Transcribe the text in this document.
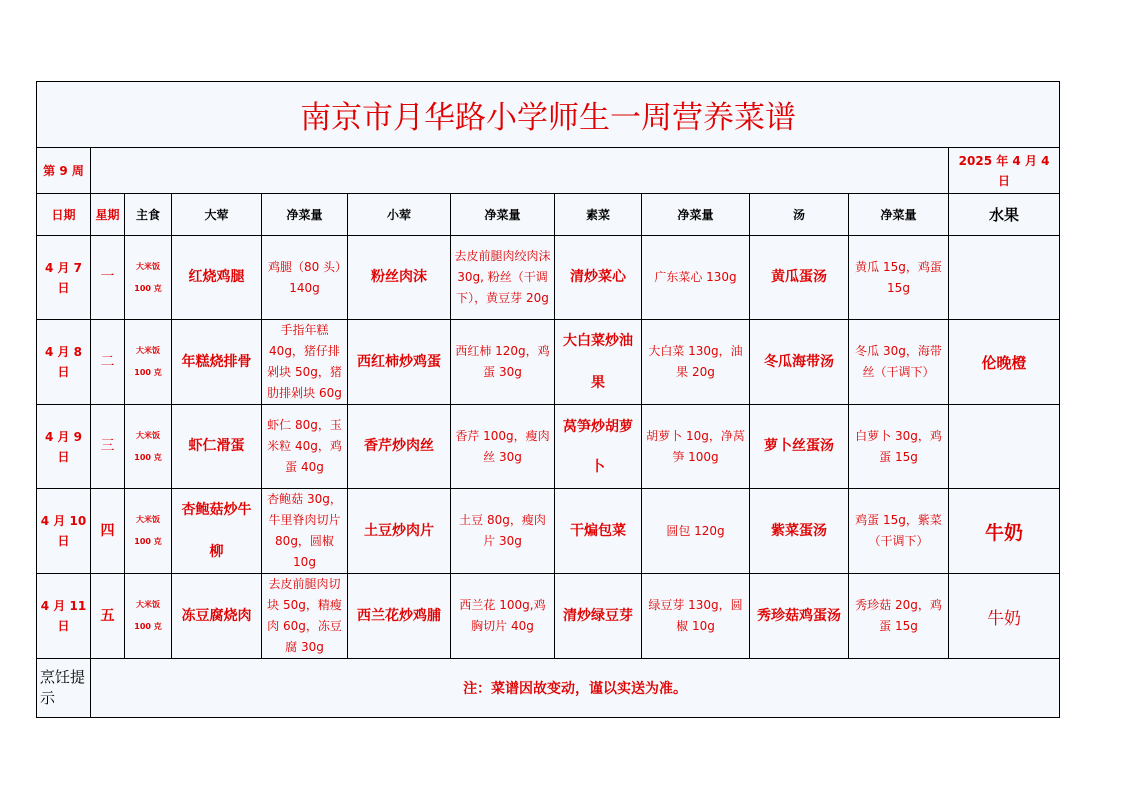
南京市月华路小学师生一周营养菜谱											
第 9 周											2025 年 4 月 4 日
日期	星期	主食	大荤	净菜量	小荤	净菜量	素菜	净菜量	汤	净菜量	水果
4 月 7 日	一	大米饭 100 克	红烧鸡腿	鸡腿（80 头）140g	粉丝肉沫	去皮前腿肉绞肉沫 30g, 粉丝（干调下），黄豆芽 20g	清炒菜心	广东菜心 130g	黄瓜蛋汤	黄瓜 15g，鸡蛋 15g	
4 月 8 日	二	大米饭 100 克	年糕烧排骨	手指年糕 40g，猪仔排剁块 50g，猪肋排剁块 60g	西红柿炒鸡蛋	西红柿 120g，鸡蛋 30g	大白菜炒油果	大白菜 130g，油果 20g	冬瓜海带汤	冬瓜 30g，海带丝（干调下）	伦晚橙
4 月 9 日	三	大米饭 100 克	虾仁滑蛋	虾仁 80g，玉米粒 40g，鸡蛋 40g	香芹炒肉丝	香芹 100g，瘦肉丝 30g	莴笋炒胡萝卜	胡萝卜 10g，净莴笋 100g	萝卜丝蛋汤	白萝卜 30g，鸡蛋 15g	
4 月 10 日	四	大米饭 100 克	杏鲍菇炒牛柳	杏鲍菇 30g，牛里脊肉切片 80g，圆椒 10g	土豆炒肉片	土豆 80g，瘦肉片 30g	干煸包菜	圆包 120g	紫菜蛋汤	鸡蛋 15g，紫菜（干调下）	牛奶
4 月 11 日	五	大米饭 100 克	冻豆腐烧肉	去皮前腿肉切块 50g，精瘦肉 60g，冻豆腐 30g	西兰花炒鸡脯	西兰花 100g,鸡胸切片 40g	清炒绿豆芽	绿豆芽 130g，圆椒 10g	秀珍菇鸡蛋汤	秀珍菇 20g，鸡蛋 15g	牛奶
烹饪提示	注：菜谱因故变动，谨以实送为准。										
